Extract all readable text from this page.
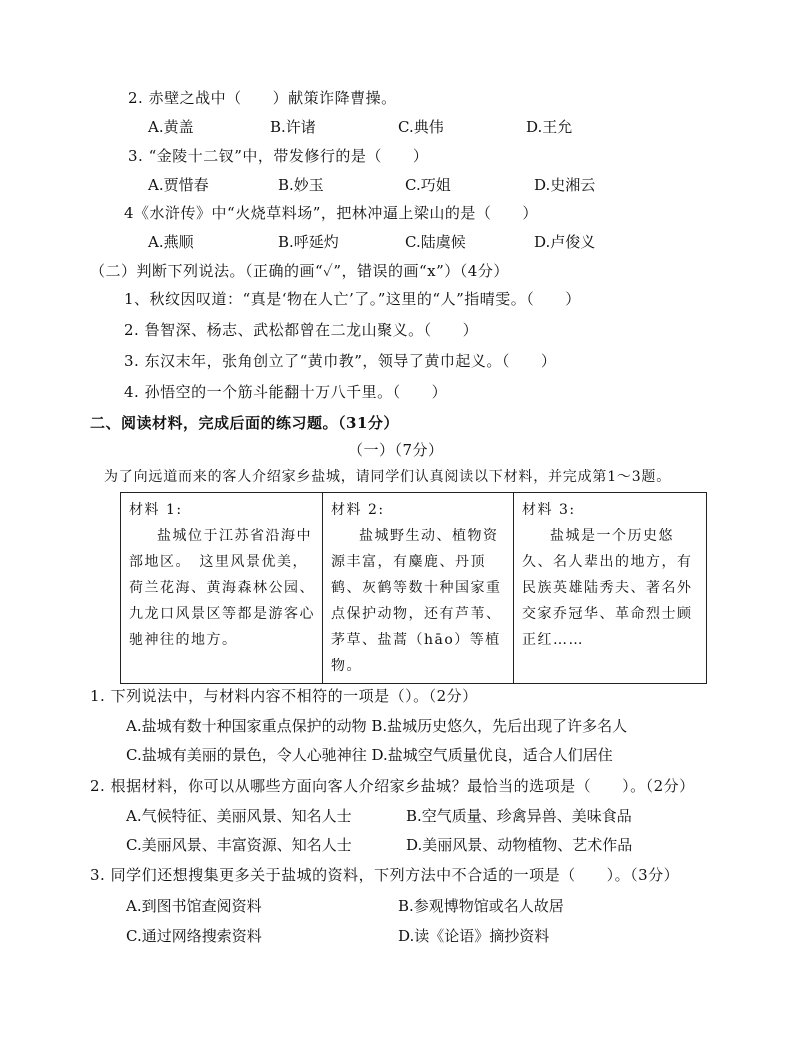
2. 赤壁之战中（　　）献策诈降曹操。
A.黄盖	B.许诸	C.典伟	D.王允
3. “金陵十二钗”中，带发修行的是（　　）
A.贾惜春	B.妙玉	C.巧姐	D.史湘云
4《水浒传》中“火烧草料场”，把林冲逼上梁山的是（　　）
A.燕顺	B.呼延灼	C.陆虞候	D.卢俊义
（二）判断下列说法。（正确的画“✓”，错误的画“x”）（4分）
1、秋纹因叹道：“真是‘物在人亡’了。”这里的“人”指晴雯。（　　）
2. 鲁智深、杨志、武松都曾在二龙山聚义。（　　）
3. 东汉末年，张角创立了“黄巾教”，领导了黄巾起义。（　　）
4. 孙悟空的一个筋斗能翻十万八千里。（　　）
二、阅读材料，完成后面的练习题。（31分）
（一）（7分）
为了向远道而来的客人介绍家乡盐城，请同学们认真阅读以下材料，并完成第1～3题。
材料 1:
盐城位于江苏省沿海中部地区。　这里风景优美，荷兰花海、黄海森林公园、九龙口风景区等都是游客心驰神往的地方。

材料 2:
盐城野生动、植物资源丰富，有麋鹿、丹顶鹤、灰鹤等数十种国家重点保护动物，还有芦苇、茅草、盐蒿（hāo）等植物。

材料 3:
盐城是一个历史悠久、名人辈出的地方，有民族英雄陆秀夫、著名外交家乔冠华、革命烈士顾正红……
1. 下列说法中，与材料内容不相符的一项是（）。（2分）
A.盐城有数十种国家重点保护的动物 B.盐城历史悠久，先后出现了许多名人
C.盐城有美丽的景色，令人心驰神往 D.盐城空气质量优良，适合人们居住
2. 根据材料，你可以从哪些方面向客人介绍家乡盐城？最恰当的选项是（　　）。（2分）
A.气候特征、美丽风景、知名人士	B.空气质量、珍禽异兽、美味食品
C.美丽风景、丰富资源、知名人士	D.美丽风景、动物植物、艺术作品
3. 同学们还想搜集更多关于盐城的资料，下列方法中不合适的一项是（　　）。（3分）
A.到图书馆查阅资料	B.参观博物馆或名人故居
C.通过网络搜索资料	D.读《论语》摘抄资料
